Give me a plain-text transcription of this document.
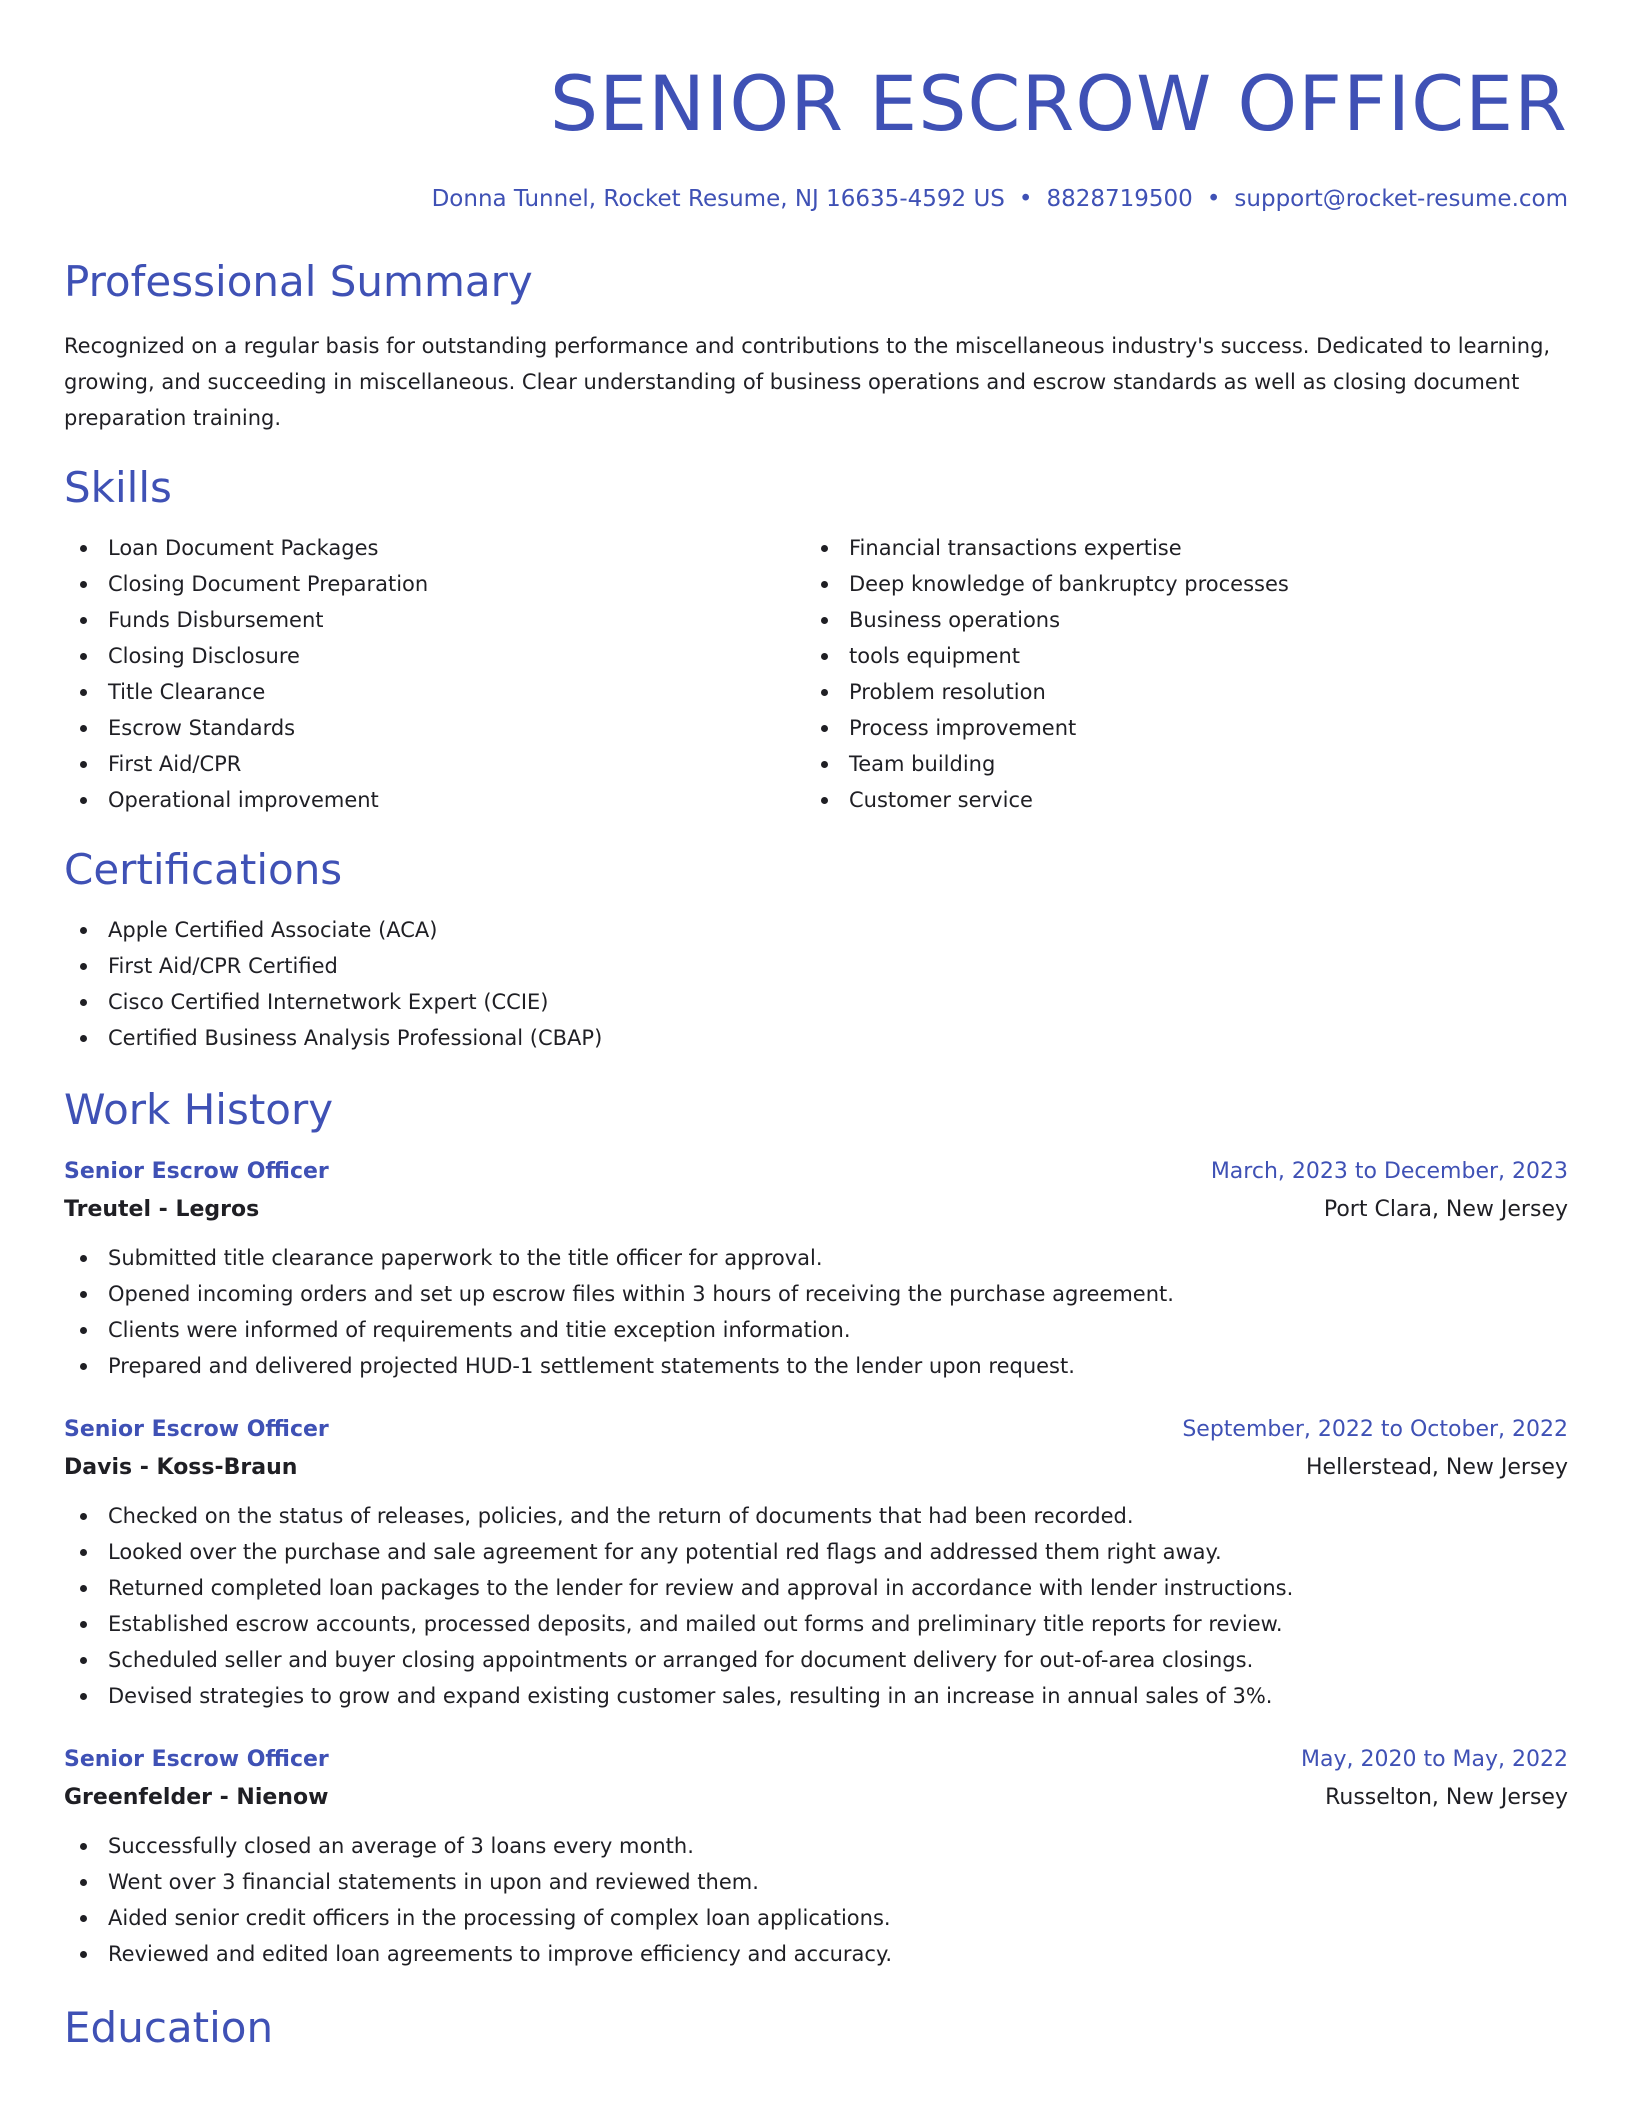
SENIOR ESCROW OFFICER
Donna Tunnel, Rocket Resume, NJ 16635-4592 US • 8828719500 • support@rocket-resume.com
Professional Summary

Recognized on a regular basis for outstanding performance and contributions to the miscellaneous industry's success. Dedicated to learning, growing, and succeeding in miscellaneous. Clear understanding of business operations and escrow standards as well as closing document preparation training.

Skills
Loan Document Packages
Closing Document Preparation
Funds Disbursement
Closing Disclosure
Title Clearance
Escrow Standards
First Aid/CPR
Operational improvement
Financial transactions expertise
Deep knowledge of bankruptcy processes
Business operations
tools equipment
Problem resolution
Process improvement
Team building
Customer service
Certifications
Apple Certified Associate (ACA)
First Aid/CPR Certified
Cisco Certified Internetwork Expert (CCIE)
Certified Business Analysis Professional (CBAP)
Work History
Senior Escrow Officer	March, 2023 to December, 2023
Treutel - Legros	Port Clara, New Jersey
Submitted title clearance paperwork to the title officer for approval.
Opened incoming orders and set up escrow files within 3 hours of receiving the purchase agreement.
Clients were informed of requirements and titie exception information.
Prepared and delivered projected HUD-1 settlement statements to the lender upon request.
Senior Escrow Officer	September, 2022 to October, 2022
Davis - Koss-Braun	Hellerstead, New Jersey
Checked on the status of releases, policies, and the return of documents that had been recorded.
Looked over the purchase and sale agreement for any potential red flags and addressed them right away.
Returned completed loan packages to the lender for review and approval in accordance with lender instructions.
Established escrow accounts, processed deposits, and mailed out forms and preliminary title reports for review.
Scheduled seller and buyer closing appointments or arranged for document delivery for out-of-area closings.
Devised strategies to grow and expand existing customer sales, resulting in an increase in annual sales of 3%.
Senior Escrow Officer	May, 2020 to May, 2022
Greenfelder - Nienow	Russelton, New Jersey
Successfully closed an average of 3 loans every month.
Went over 3 financial statements in upon and reviewed them.
Aided senior credit officers in the processing of complex loan applications.
Reviewed and edited loan agreements to improve efficiency and accuracy.
Education
